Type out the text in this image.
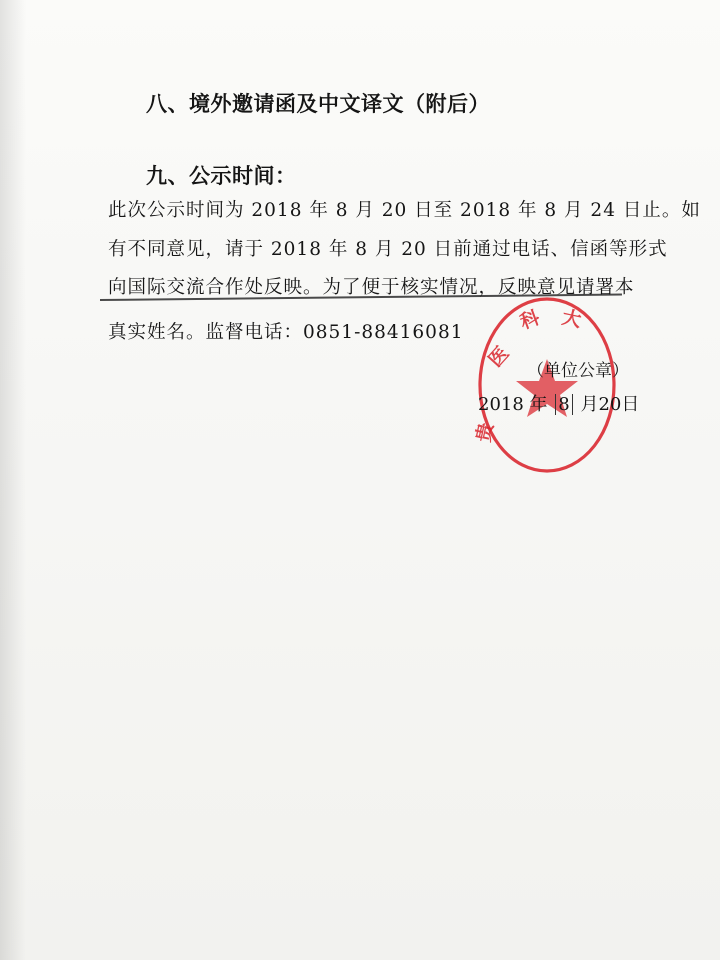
八、境外邀请函及中文译文（附后）
九、公示时间：
此次公示时间为 2018 年 8 月 20 日至 2018 年 8 月 24 日止。如
有不同意见，请于 2018 年 8 月 20 日前通过电话、信函等形式
向国际交流合作处反映。为了便于核实情况，反映意见请署本
真实姓名。监督电话：0851-88416081
贵
医
科 大
（单位公章）
2018 年 8 月20日
